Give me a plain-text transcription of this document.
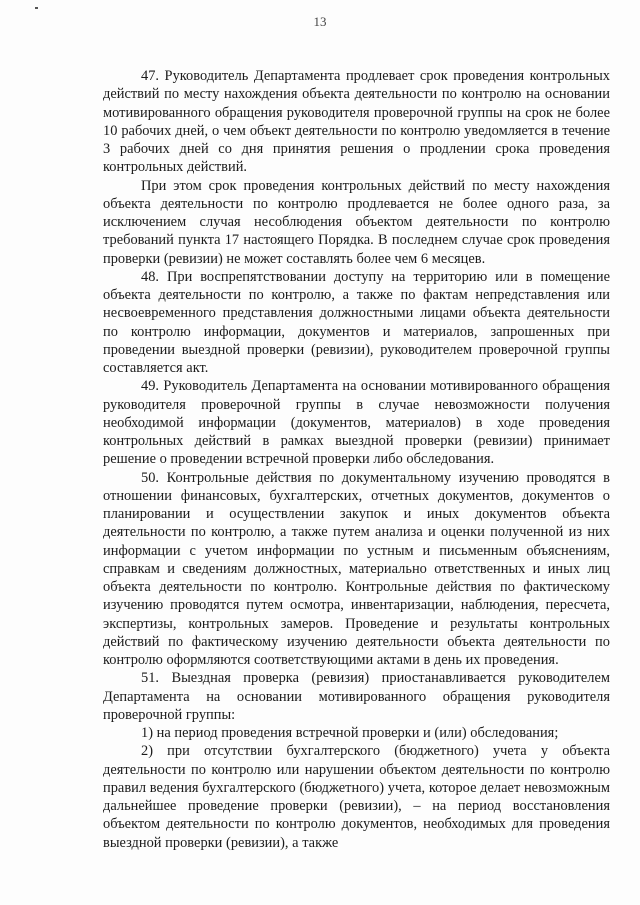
13

47. Руководитель Департамента продлевает срок проведения контрольных действий по месту нахождения объекта деятельности по контролю на основании мотивированного обращения руководителя проверочной группы на срок не более 10 рабочих дней, о чем объект деятельности по контролю уведомляется в течение 3 рабочих дней со дня принятия решения о продлении срока проведения контрольных действий.

При этом срок проведения контрольных действий по месту нахождения объекта деятельности по контролю продлевается не более одного раза, за исключением случая несоблюдения объектом деятельности по контролю требований пункта 17 настоящего Порядка. В последнем случае срок проведения проверки (ревизии) не может составлять более чем 6 месяцев.

48. При воспрепятствовании доступу на территорию или в помещение объекта деятельности по контролю, а также по фактам непредставления или несвоевременного представления должностными лицами объекта деятельности по контролю информации, документов и материалов, запрошенных при проведении выездной проверки (ревизии), руководителем проверочной группы составляется акт.

49. Руководитель Департамента на основании мотивированного обращения руководителя проверочной группы в случае невозможности получения необходимой информации (документов, материалов) в ходе проведения контрольных действий в рамках выездной проверки (ревизии) принимает решение о проведении встречной проверки либо обследования.

50. Контрольные действия по документальному изучению проводятся в отношении финансовых, бухгалтерских, отчетных документов, документов о планировании и осуществлении закупок и иных документов объекта деятельности по контролю, а также путем анализа и оценки полученной из них информации с учетом информации по устным и письменным объяснениям, справкам и сведениям должностных, материально ответственных и иных лиц объекта деятельности по контролю. Контрольные действия по фактическому изучению проводятся путем осмотра, инвентаризации, наблюдения, пересчета, экспертизы, контрольных замеров. Проведение и результаты контрольных действий по фактическому изучению деятельности объекта деятельности по контролю оформляются соответствующими актами в день их проведения.

51. Выездная проверка (ревизия) приостанавливается руководителем Департамента на основании мотивированного обращения руководителя проверочной группы:

1) на период проведения встречной проверки и (или) обследования;

2) при отсутствии бухгалтерского (бюджетного) учета у объекта деятельности по контролю или нарушении объектом деятельности по контролю правил ведения бухгалтерского (бюджетного) учета, которое делает невозможным дальнейшее проведение проверки (ревизии), – на период восстановления объектом деятельности по контролю документов, необходимых для проведения выездной проверки (ревизии), а также
